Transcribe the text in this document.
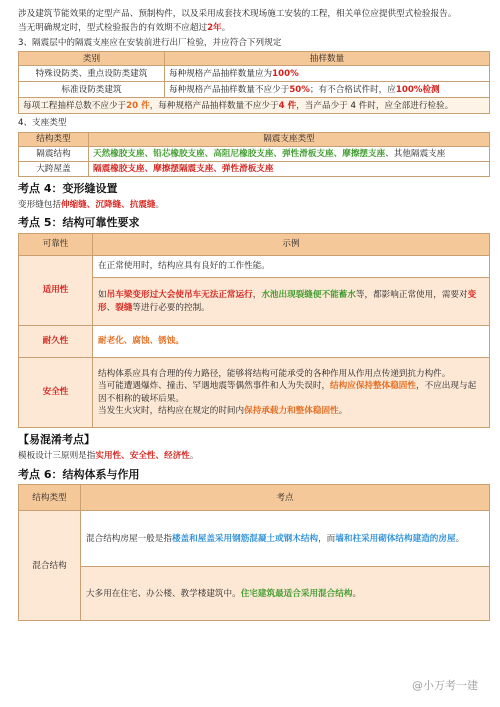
涉及建筑节能效果的定型产品、预制构件，以及采用成套技术现场施工安装的工程，相关单位应提供型式检验报告。
当无明确规定时，型式检验报告的有效期不应超过2年。
3、隔震层中的隔震支座应在安装前进行出厂检验，并应符合下列规定
类别	抽样数量
特殊设防类、重点设防类建筑	每种规格产品抽样数量应为100%
标准设防类建筑	每种规格产品抽样数量不应少于50%；有不合格试件时，应100%检测
每项工程抽样总数不应少于20 件，每种规格产品抽样数量不应少于4 件，当产品少于 4 件时，应全部进行检验。	
4、支座类型
结构类型	隔震支座类型
隔震结构	天然橡胶支座、铅芯橡胶支座、高阻尼橡胶支座、弹性滑板支座、摩擦摆支座、其他隔震支座
大跨屋盖	隔震橡胶支座、摩擦摆隔震支座、弹性滑板支座
考点 4：变形缝设置
变形缝包括伸缩缝、沉降缝、抗震缝。
考点 5：结构可靠性要求
可靠性	示例
适用性	在正常使用时，结构应具有良好的工作性能。
	如吊车梁变形过大会使吊车无法正常运行，水池出现裂缝便不能蓄水等，都影响正常使用，需要对变形、裂缝等进行必要的控制。
耐久性	耐老化、腐蚀、锈蚀。
安全性	结构体系应具有合理的传力路径，能够将结构可能承受的各种作用从作用点传递到抗力构件。
当可能遭遇爆炸、撞击、罕遇地震等偶然事件和人为失误时，结构应保持整体稳固性，不应出现与起因不相称的破坏后果。
当发生火灾时，结构应在规定的时间内保持承载力和整体稳固性。
【易混淆考点】
模板设计三原则是指实用性、安全性、经济性。
考点 6：结构体系与作用
结构类型	考点
混合结构	混合结构房屋一般是指楼盖和屋盖采用钢筋混凝土或钢木结构，而墙和柱采用砌体结构建造的房屋。
	大多用在住宅、办公楼、教学楼建筑中。住宅建筑最适合采用混合结构。
@小万考一建
